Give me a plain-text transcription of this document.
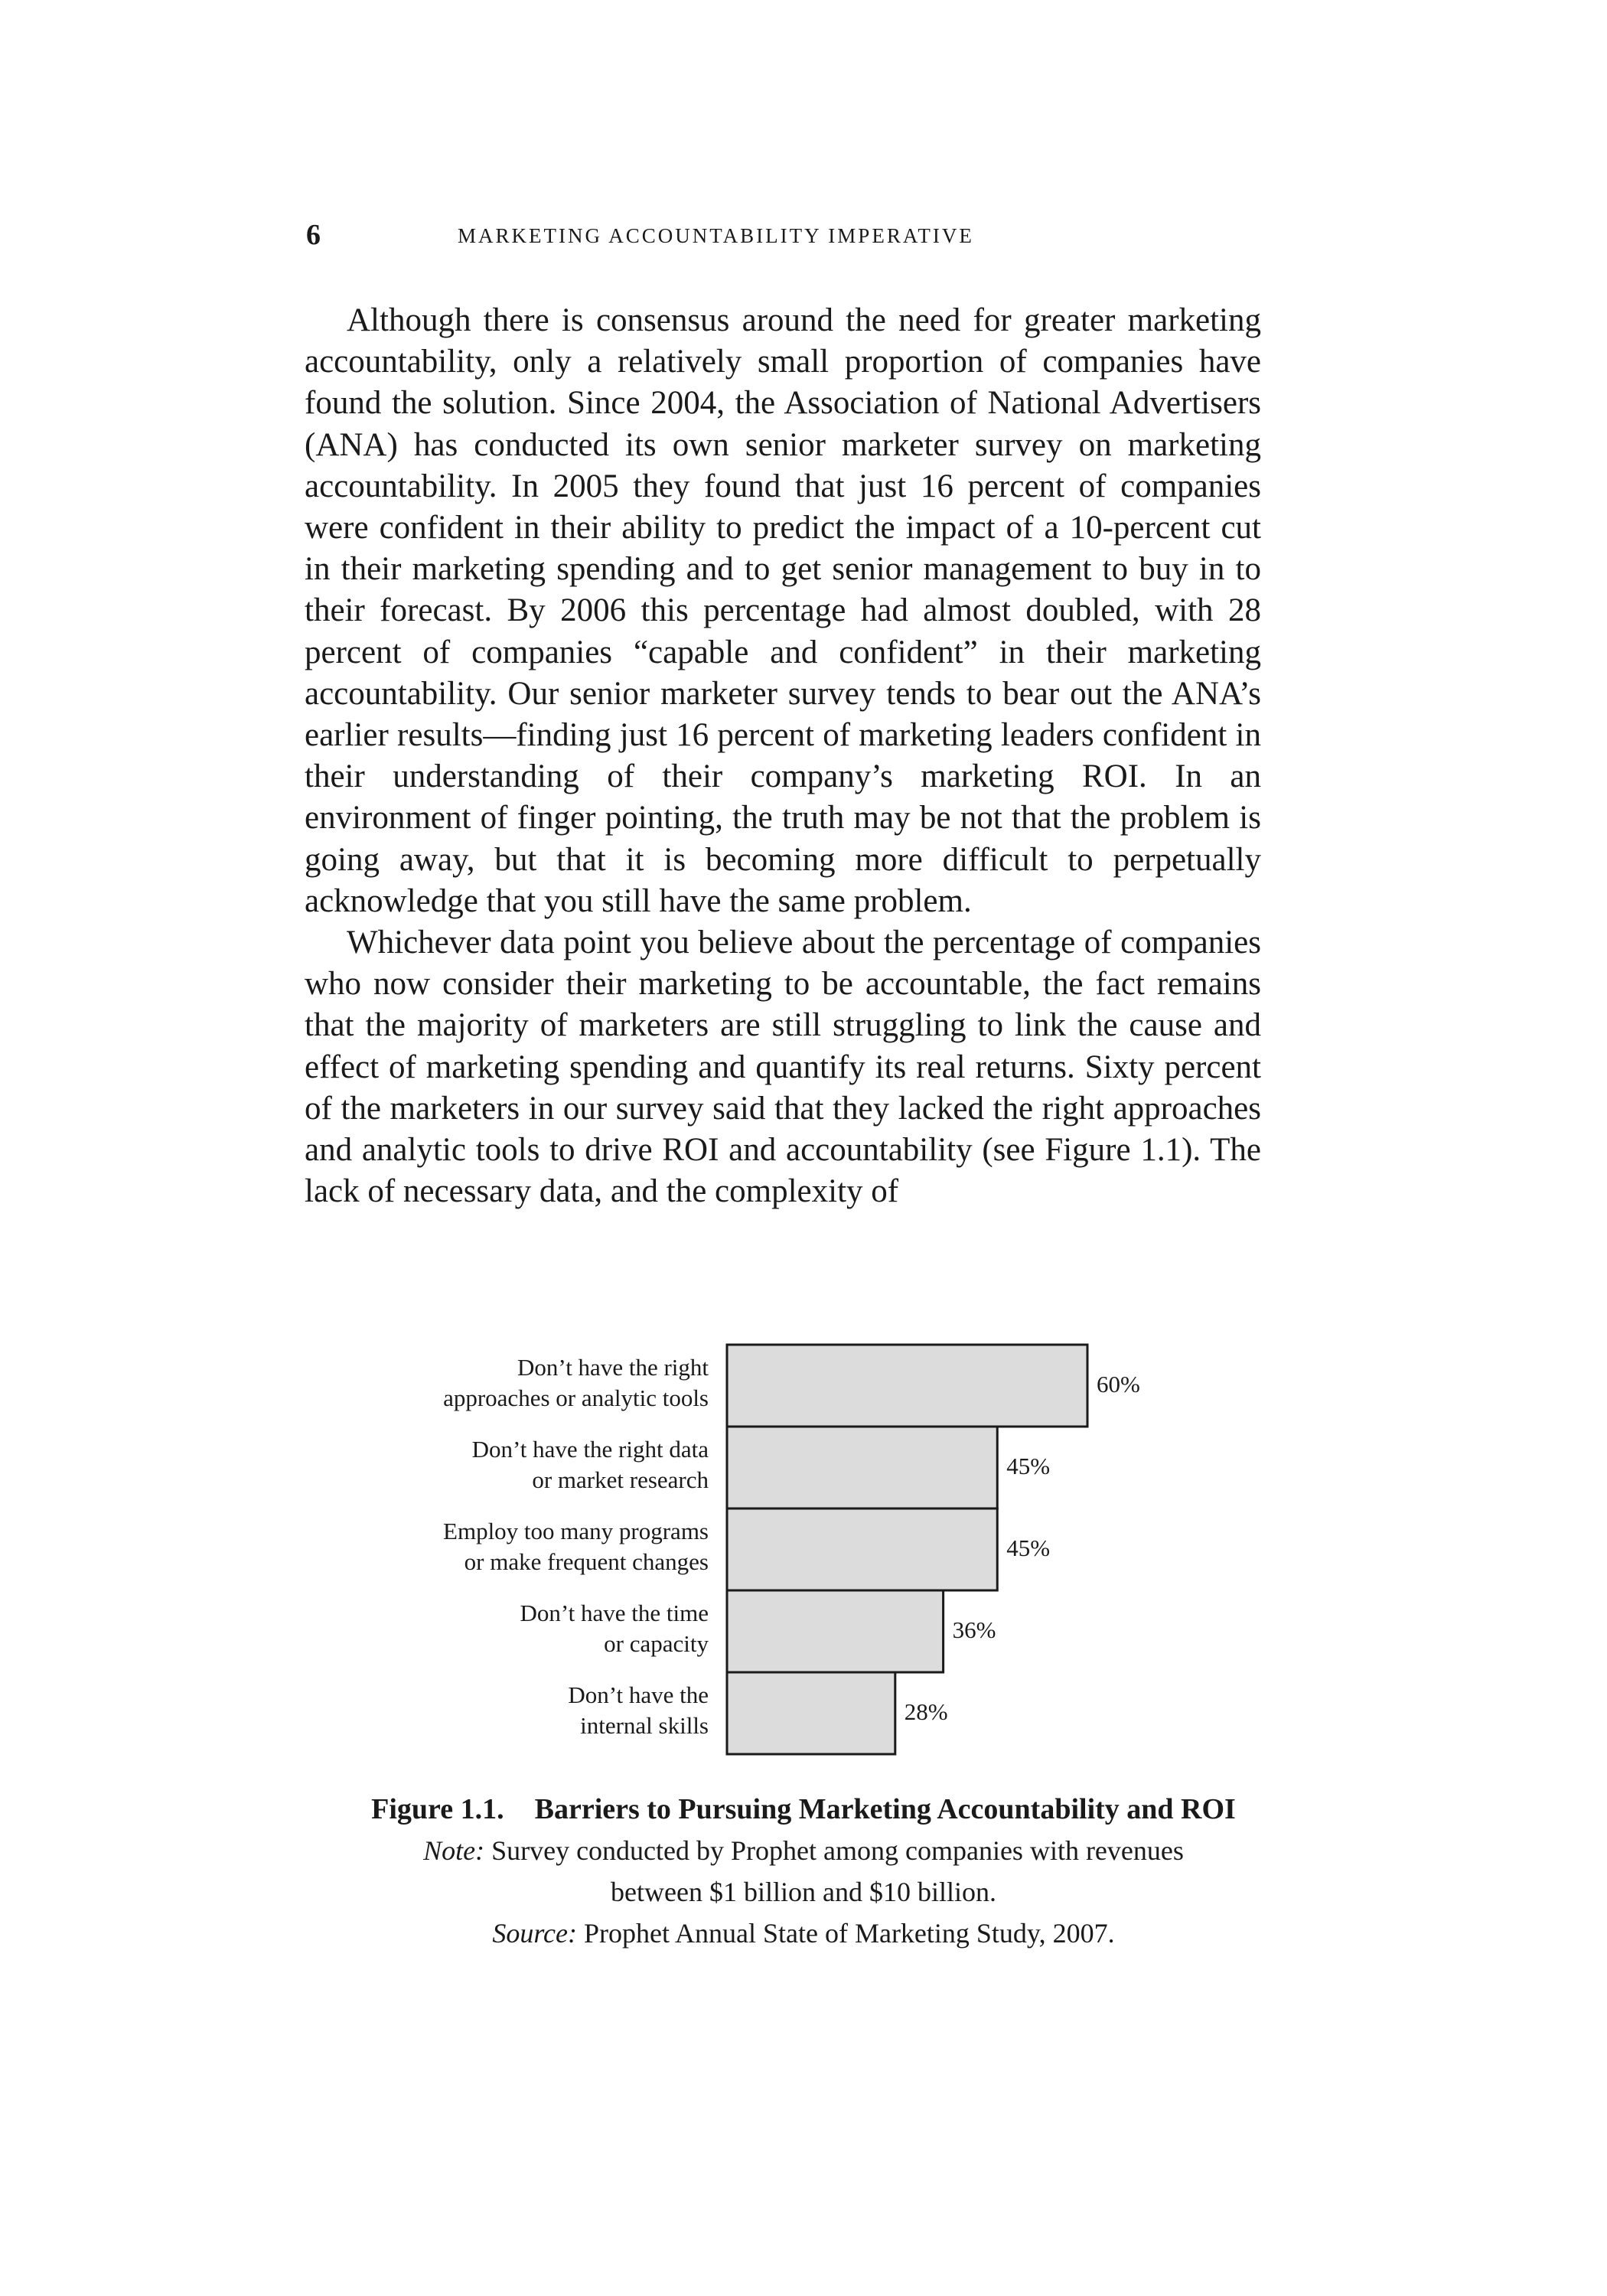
6	MARKETING ACCOUNTABILITY IMPERATIVE

Although there is consensus around the need for greater marketing accountability, only a relatively small proportion of companies have found the solution. Since 2004, the Association of National Advertisers (ANA) has conducted its own senior marketer survey on marketing accountability. In 2005 they found that just 16 percent of companies were confident in their ability to predict the impact of a 10-percent cut in their marketing spending and to get senior management to buy in to their forecast. By 2006 this percentage had almost doubled, with 28 percent of companies “capable and confident” in their marketing accountability. Our senior marketer survey tends to bear out the ANA’s earlier results—finding just 16 percent of marketing leaders confident in their understanding of their company’s marketing ROI. In an environment of finger pointing, the truth may be not that the problem is going away, but that it is becoming more difficult to perpetually acknowledge that you still have the same problem.

Whichever data point you believe about the percentage of companies who now consider their marketing to be accountable, the fact remains that the majority of marketers are still struggling to link the cause and effect of marketing spending and quantify its real returns. Sixty percent of the marketers in our survey said that they lacked the right approaches and analytic tools to drive ROI and accountability (see Figure 1.1). The lack of necessary data, and the complexity of

60%
Don’t have the right
approaches or analytic tools
45%
Don’t have the right data
or market research
45%
Employ too many programs
or make frequent changes
36%
Don’t have the time
or capacity
28%
Don’t have the
internal skills
Figure 1.1. Barriers to Pursuing Marketing Accountability and ROI
Note: Survey conducted by Prophet among companies with revenues
between $1 billion and $10 billion.
Source: Prophet Annual State of Marketing Study, 2007.
